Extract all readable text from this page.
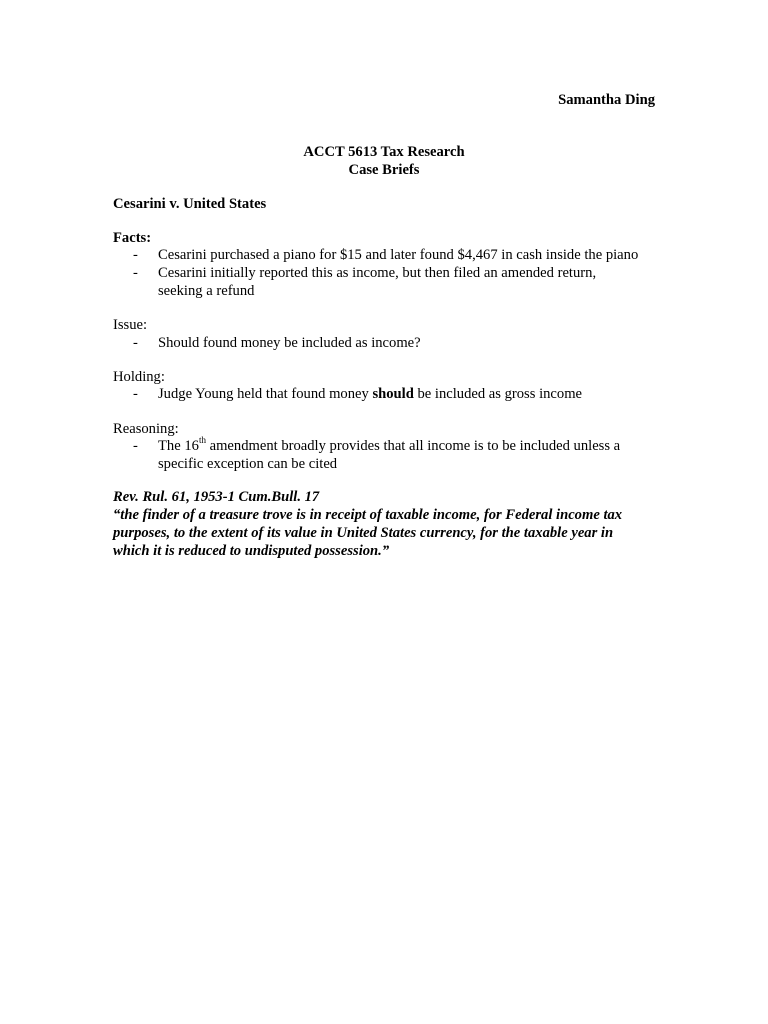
Samantha Ding
ACCT 5613 Tax Research
Case Briefs
Cesarini v. United States
Facts:
- Cesarini purchased a piano for $15 and later found $4,467 in cash inside the piano
- Cesarini initially reported this as income, but then filed an amended return,
seeking a refund
Issue:
- Should found money be included as income?
Holding:
- Judge Young held that found money should be included as gross income
Reasoning:
- The 16th amendment broadly provides that all income is to be included unless a
specific exception can be cited
Rev. Rul. 61, 1953-1 Cum.Bull. 17
“the finder of a treasure trove is in receipt of taxable income, for Federal income tax
purposes, to the extent of its value in United States currency, for the taxable year in
which it is reduced to undisputed possession.”
